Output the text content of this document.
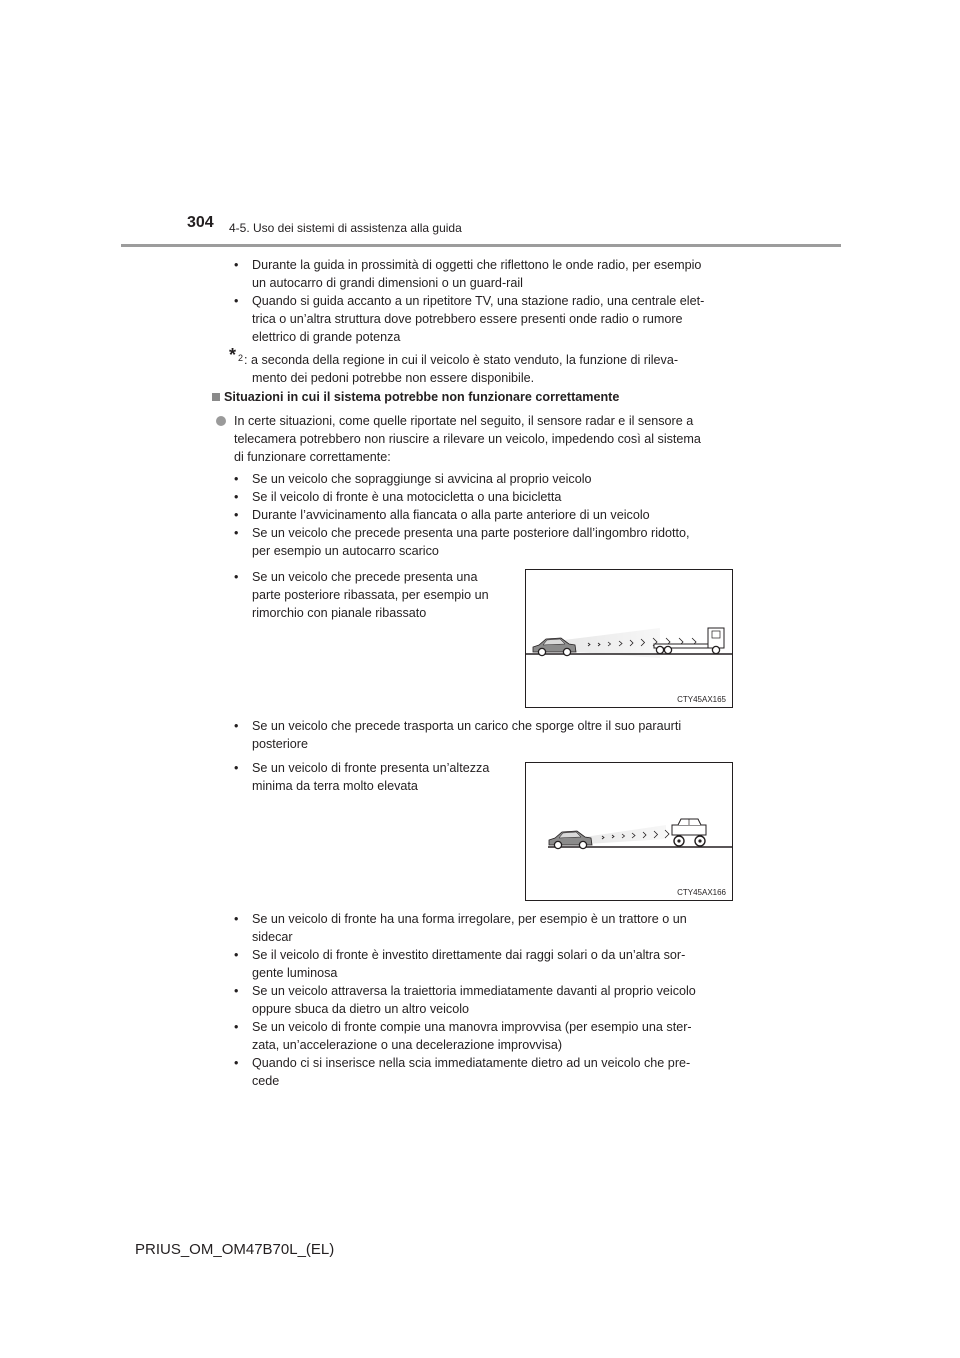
304 4-5. Uso dei sistemi di assistenza alla guida
• Durante la guida in prossimità di oggetti che riflettono le onde radio, per esempio
un autocarro di grandi dimensioni o un guard-rail
• Quando si guida accanto a un ripetitore TV, una stazione radio, una centrale elet-
trica o un’altra struttura dove potrebbero essere presenti onde radio o rumore
elettrico di grande potenza
* 2 : a seconda della regione in cui il veicolo è stato venduto, la funzione di rileva-
mento dei pedoni potrebbe non essere disponibile.
Situazioni in cui il sistema potrebbe non funzionare correttamente
In certe situazioni, come quelle riportate nel seguito, il sensore radar e il sensore a
telecamera potrebbero non riuscire a rilevare un veicolo, impedendo così al sistema
di funzionare correttamente:
• Se un veicolo che sopraggiunge si avvicina al proprio veicolo
• Se il veicolo di fronte è una motocicletta o una bicicletta
• Durante l’avvicinamento alla fiancata o alla parte anteriore di un veicolo
• Se un veicolo che precede presenta una parte posteriore dall’ingombro ridotto,
per esempio un autocarro scarico
• Se un veicolo che precede presenta una
parte posteriore ribassata, per esempio un
rimorchio con pianale ribassato
CTY45AX165
• Se un veicolo che precede trasporta un carico che sporge oltre il suo paraurti
posteriore
• Se un veicolo di fronte presenta un’altezza
minima da terra molto elevata
CTY45AX166
• Se un veicolo di fronte ha una forma irregolare, per esempio è un trattore o un
sidecar
• Se il veicolo di fronte è investito direttamente dai raggi solari o da un’altra sor-
gente luminosa
• Se un veicolo attraversa la traiettoria immediatamente davanti al proprio veicolo
oppure sbuca da dietro un altro veicolo
• Se un veicolo di fronte compie una manovra improvvisa (per esempio una ster-
zata, un’accelerazione o una decelerazione improvvisa)
• Quando ci si inserisce nella scia immediatamente dietro ad un veicolo che pre-
cede
PRIUS_OM_OM47B70L_(EL)
